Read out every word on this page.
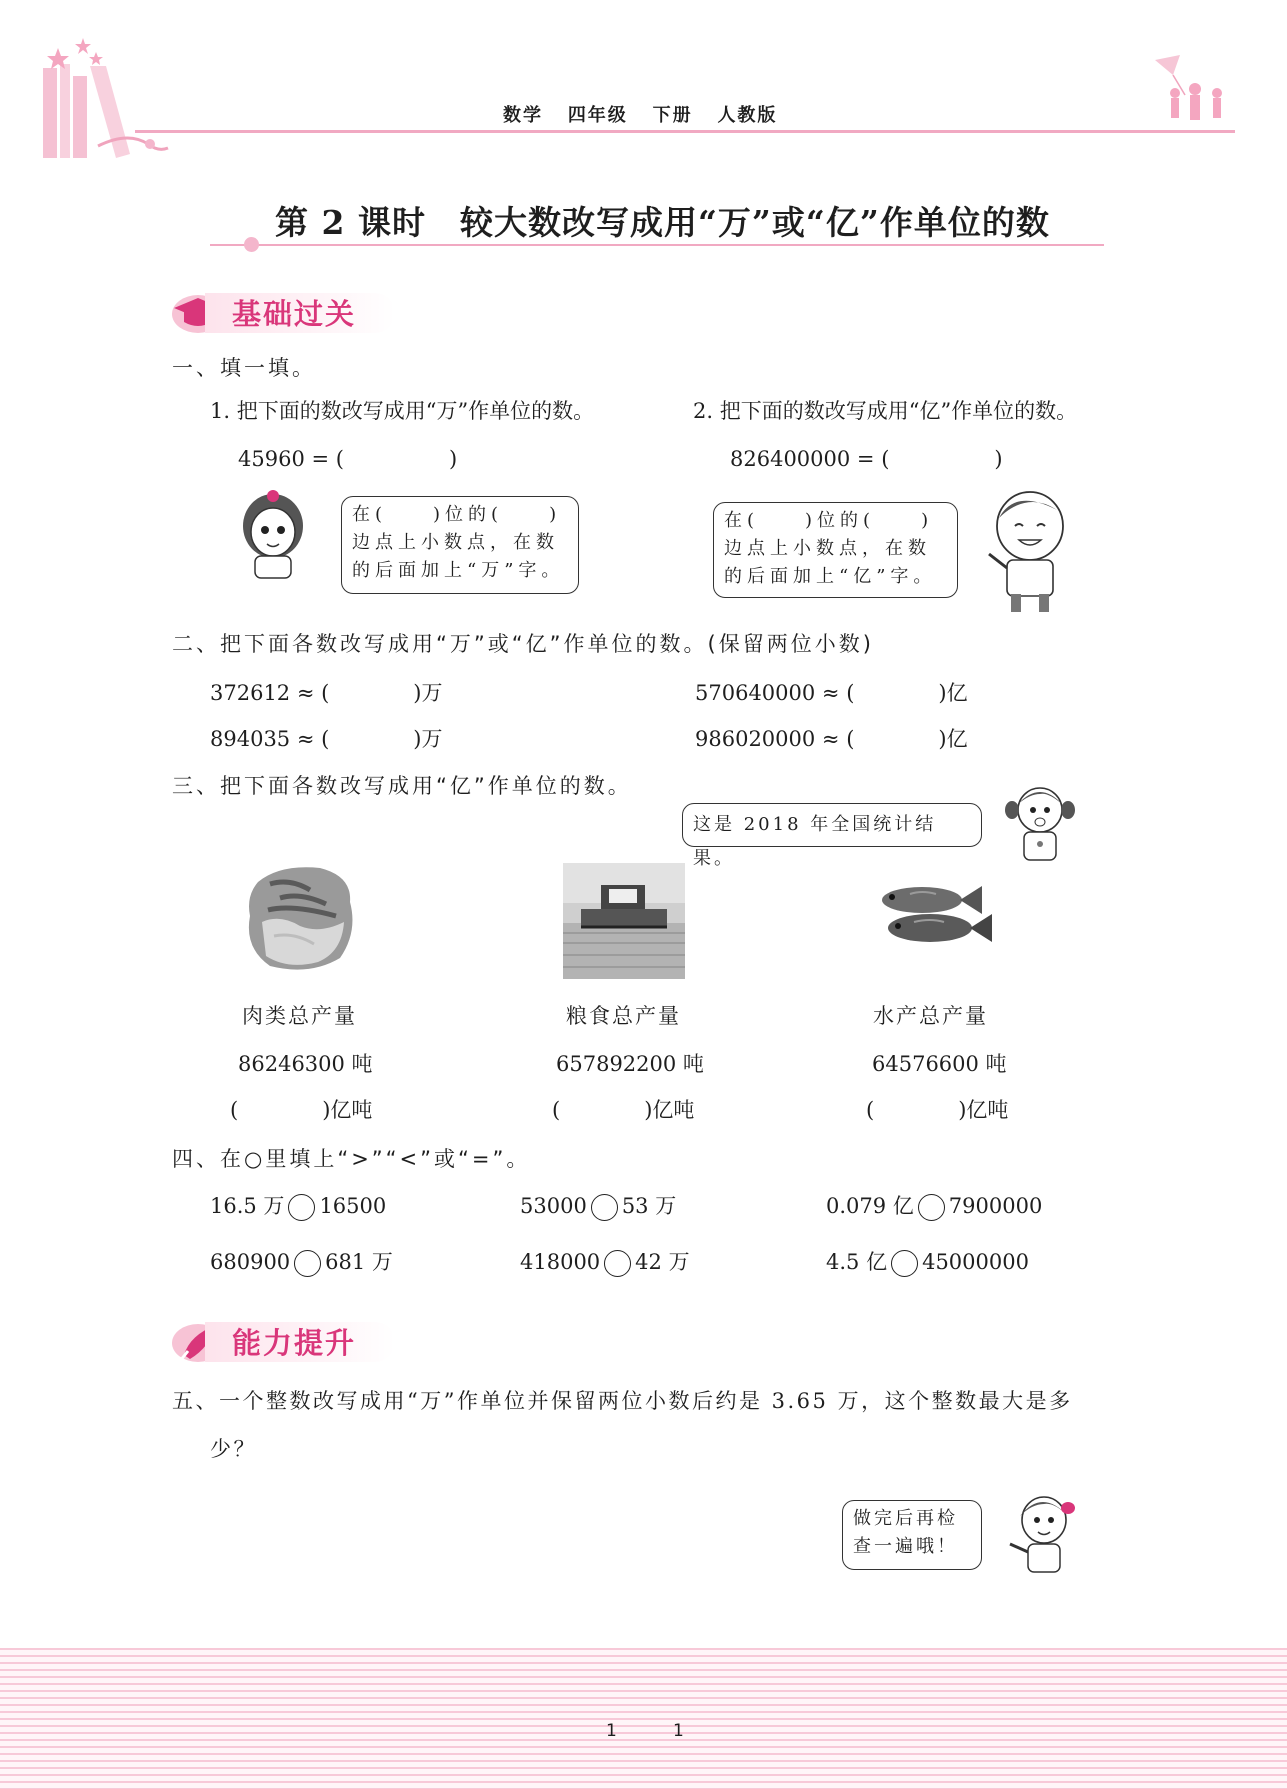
数学 四年级 下册 人教版
第 2 课时　较大数改写成用“万”或“亿”作单位的数
基础过关
一、填一填。
1. 把下面的数改写成用“万”作单位的数。	2. 把下面的数改写成用“亿”作单位的数。
45960 = (　　　　　)	826400000 = (　　　　　)
在(　　)位的(　　)
边点上小数点，在数
的后面加上“万”字。
在(　　)位的(　　)
边点上小数点，在数
的后面加上“亿”字。
二、把下面各数改写成用“万”或“亿”作单位的数。(保留两位小数)
372612 ≈ (　　　　)万	570640000 ≈ (　　　　)亿
894035 ≈ (　　　　)万	986020000 ≈ (　　　　)亿
三、把下面各数改写成用“亿”作单位的数。
这是 2018 年全国统计结果。
肉类总产量	粮食总产量	水产总产量
86246300 吨	657892200 吨	64576600 吨
(　　　　)亿吨	(　　　　)亿吨	(　　　　)亿吨
四、在○里填上“>”“<”或“=”。
16.5 万 16500	53000 53 万	0.079 亿 7900000
680900 681 万	418000 42 万	4.5 亿 45000000
能力提升
五、一个整数改写成用“万”作单位并保留两位小数后约是 3.65 万，这个整数最大是多
少？
做完后再检
查一遍哦！
1	1
